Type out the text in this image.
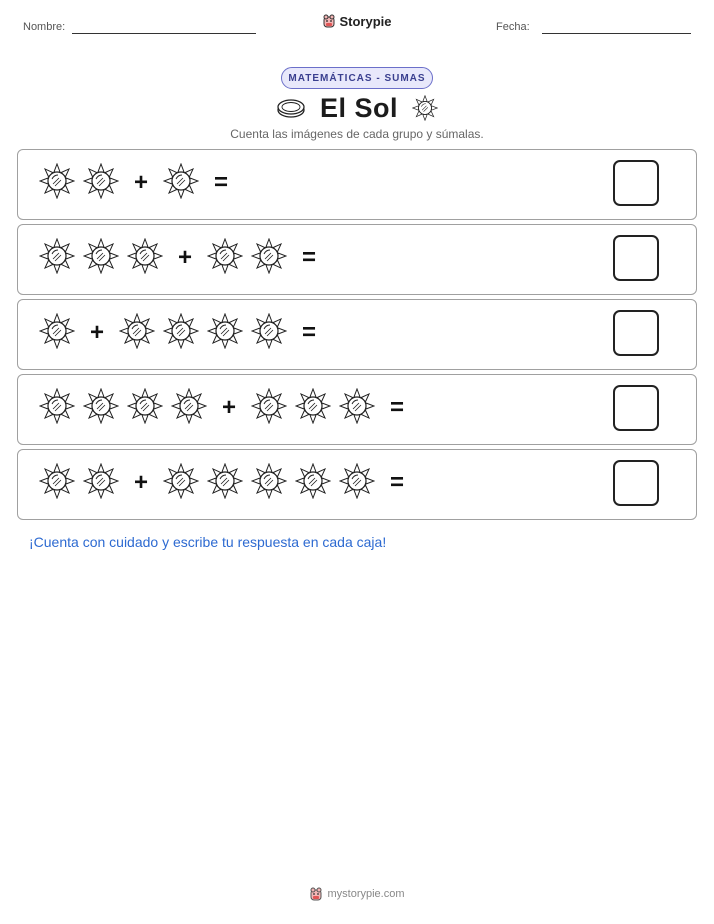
Nombre:	Storypie	Fecha:
MATEMÁTICAS - SUMAS
El Sol
Cuenta las imágenes de cada grupo y súmalas.
+	=
+	=
+	=
+	=
+	=
¡Cuenta con cuidado y escribe tu respuesta en cada caja!
mystorypie.com
